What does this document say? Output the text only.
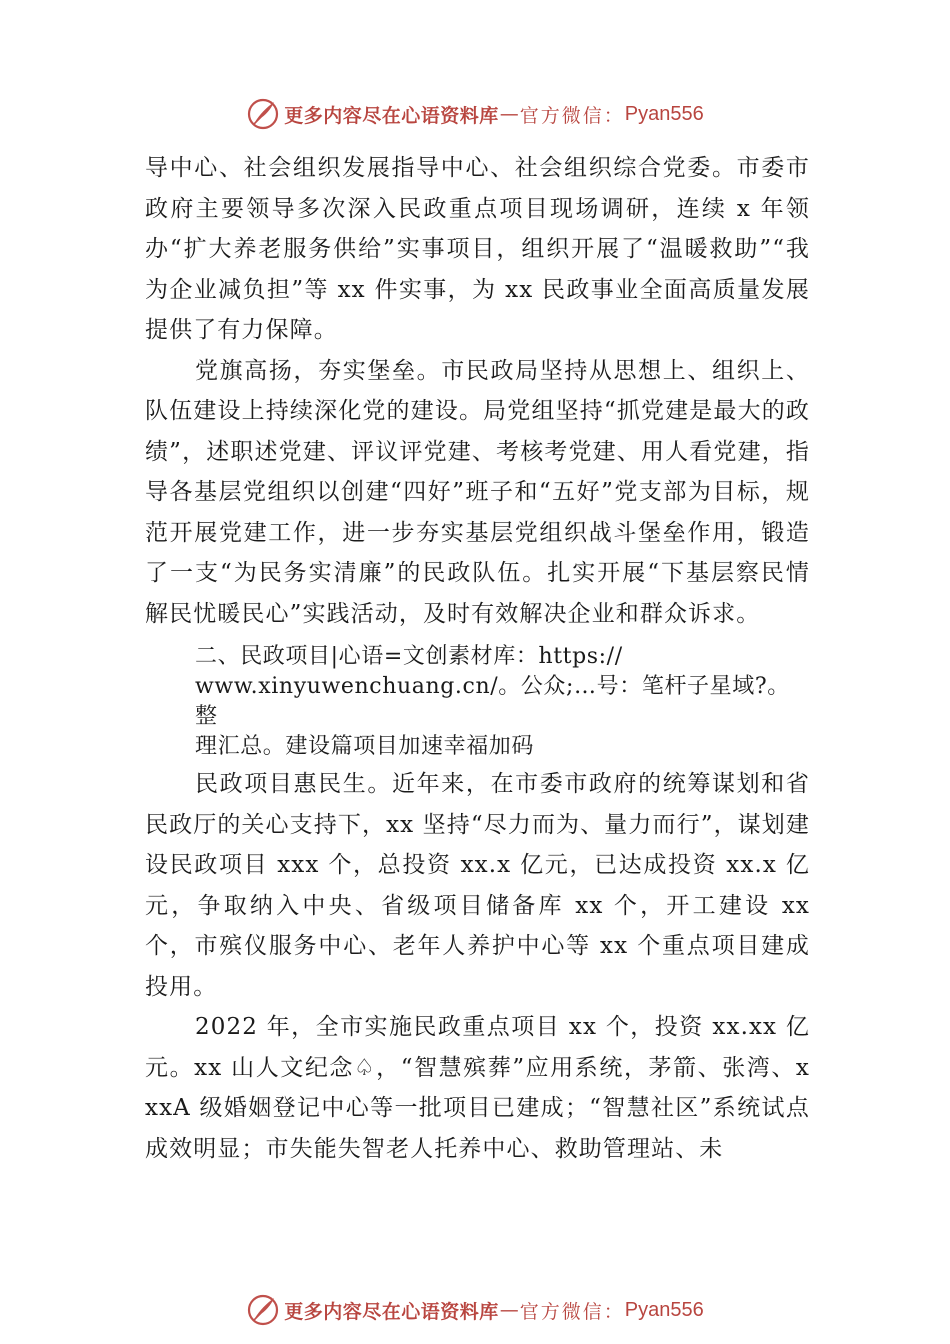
更多内容尽在心语资料库 — 官方微信： Pyan556

导中心、社会组织发展指导中心、社会组织综合党委。市委市政府主要领导多次深入民政重点项目现场调研，连续 x 年领办“扩大养老服务供给”实事项目，组织开展了“温暖救助”“我为企业减负担”等 xx 件实事，为 xx 民政事业全面高质量发展提供了有力保障。

党旗高扬，夯实堡垒。市民政局坚持从思想上、组织上、队伍建设上持续深化党的建设。局党组坚持“抓党建是最大的政绩”，述职述党建、评议评党建、考核考党建、用人看党建，指导各基层党组织以创建“四好”班子和“五好”党支部为目标，规范开展党建工作，进一步夯实基层党组织战斗堡垒作用，锻造了一支“为民务实清廉”的民政队伍。扎实开展“下基层察民情解民忧暖民心”实践活动，及时有效解决企业和群众诉求。

二、民政项目|心语=文创素材库：https://
www.xinyuwenchuang.cn/。公众;…号：笔杆子星域?。整
理汇总。建设篇项目加速幸福加码

民政项目惠民生。近年来，在市委市政府的统筹谋划和省民政厅的关心支持下，xx 坚持“尽力而为、量力而行”，谋划建设民政项目 xxx 个，总投资 xx.x 亿元，已达成投资 xx.x 亿元，争取纳入中央、省级项目储备库 xx 个，开工建设 xx 个，市殡仪服务中心、老年人养护中心等 xx 个重点项目建成投用。

2022 年，全市实施民政重点项目 xx 个，投资 xx.xx 亿元。xx 山人文纪念♤，“智慧殡葬”应用系统，茅箭、张湾、xxxA 级婚姻登记中心等一批项目已建成；“智慧社区”系统试点成效明显；市失能失智老人托养中心、救助管理站、未

更多内容尽在心语资料库 — 官方微信： Pyan556
